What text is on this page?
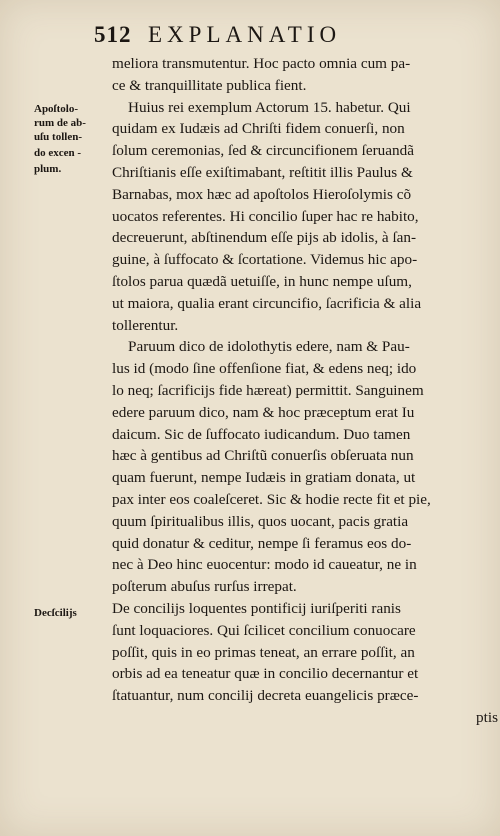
512 EXPLANATIO
Apoſtolo-
rum de ab-
uſu tollen-
do excen -
plum.
Decſcilijs
meliora transmutentur. Hoc pacto omnia cum pa-
ce & tranquillitate publica fient.
Huius rei exemplum Actorum 15. habetur. Qui
quidam ex Iudæis ad Chriſti fidem conuerſi, non
ſolum ceremonias, ſed & circuncifionem ſeruandã
Chriſtianis eſſe exiſtimabant, reſtitit illis Paulus &
Barnabas, mox hæc ad apoſtolos Hieroſolymis cõ
uocatos referentes. Hi concilio ſuper hac re habito,
decreuerunt, abſtinendum eſſe pijs ab idolis, à ſan-
guine, à ſuffocato & ſcortatione. Videmus hic apo-
ſtolos parua quædã uetuiſſe, in hunc nempe uſum,
ut maiora, qualia erant circuncifio, ſacrificia & alia
tollerentur.
Paruum dico de idolothytis edere, nam & Pau-
lus id (modo ſine offenſione fiat, & edens neq; ido
lo neq; ſacrificijs fide hæreat) permittit. Sanguinem
edere paruum dico, nam & hoc præceptum erat Iu
daicum. Sic de ſuffocato iudicandum. Duo tamen
hæc à gentibus ad Chriſtũ conuerſis obſeruata nun
quam fuerunt, nempe Iudæis in gratiam donata, ut
pax inter eos coaleſceret. Sic & hodie recte fit et pie,
quum ſpiritualibus illis, quos uocant, pacis gratia
quid donatur & ceditur, nempe ſi feramus eos do-
nec à Deo hinc euocentur: modo id caueatur, ne in
poſterum abuſus rurſus irrepat.
De concilijs loquentes pontificij iuriſperiti ranis
ſunt loquaciores. Qui ſcilicet concilium conuocare
poſſit, quis in eo primas teneat, an errare poſſit, an
orbis ad ea teneatur quæ in concilio decernantur et
ſtatuantur, num concilij decreta euangelicis præce-
ptis
